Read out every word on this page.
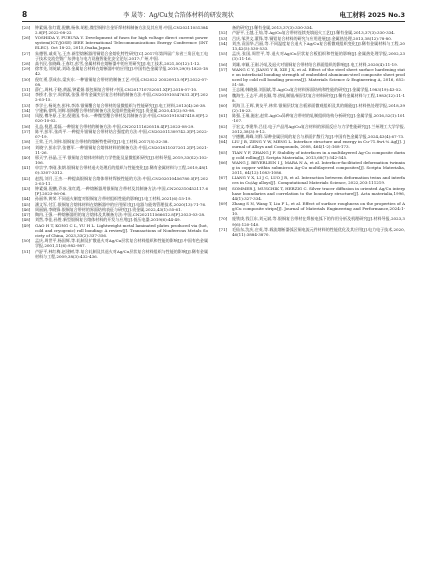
8	李 晟等：Ag/Cu复合箔体材料的研发现状	电工材料 2025 No.3
[25]	钟素娟,张红霞,倪鹏,杨伟,胡松,微型铜锌合金钎焊材料制备方法及其应用:中国,CN202110513842.8[P].2022-08-22
[26]	YOSHIDA Y, FURUYA Y. Development of fuses for high voltage direct current power system(ICT/JOSE) IEEE International Telecommunications Energy Conference (INTELEC). Oct 18-22, 2015,Osaka,Japan.
[27]	朱德智,戚英飞,王杰.新型熔断器用铜铝合金熔化特性研究[C].2017年第四届广东省三角区电工电子技术交流会暨广东供电与电力设施智能化安全论坛.2017:广州,中国.
[28]	高书民,张晓峰,王春红,彭雪,金属材料在熔断器中的应用研究[J].电工技术,2021,50(12):1-12.
[29]	徐孝先,刘英斌,刘琦.金属复合材料在熔断器中的应用[J].中国有色金属学报,2019,29(9):1825-1842.
[30]	倪红勇,蔡成东,梁庆东.一种银铜复合带材的制备工艺:中国,CN2022 20520913.9[P].2022-07-08.
[31]	薛仁,周林,于晓,黄磊,钟素娟.银包铜复合带材:中国,CN201710752051.X[P].2018-07-10.
[32]	李桥才,张宁,周荣斌,张强.带有金属夹层复合材料的制备方法:中国,CN201910547631.3[P].2022-03-15.
[33]	李学士,杨英杰,彭伟,李涛.银铜覆合复合带材的显微组织与性能研究[J].电工材料,2013(4):26-38.
[34]	宁建新,徐鸣,刘辉.银铜覆合带材的制备方法及组织性能研究[J].贵金属,2020,41(2):93-98.
[35]	凤锐,傅冬原,王宏,倪建国,韦永.一种微型覆合带材及其制备方法:中国,CN201910347418.0[P].2020-10-02.
[36]	孔益,倪恩,姜磊.一种银复合带材的制备方法:中国,CN202111620518.4[P].2023-08-29.
[37]	陈平,彭军,张尚平.一种提升银铜复合带材结合强度的方法:中国,CN202011309742.3[P].2022-07-19.
[38]	王荣,王兴,刘伟.银铜复合带材的熔断特性研究[J].电工材料,2017(5):32-38.
[39]	刘晓宁,彭东学,张德军.一种银铜复合熔体材料的制备方法:中国,CN201811037201.2[P].2021-11-26.
[40]	邢天宇,孙晶,王平.银铜复合熔体材料的力学性能及显微组织研究[J].材料导报,2019,33(S2):102-106.
[41]	申宗宇,李刚,张朗.银铜复合带材退火处理后的组织与性能变化[J].稀有金属材料与工程,2019,48(10):3307-3312.
[42]	赵凯,刘月,王杰.一种提高银铜复合熔体带材焊接性能的方法:中国,CN202010456780.5[P].2022-03-11.
[43]	钟素娟,倪鹏,乔冰,张红霞,一种熔断器用银铜复合带材及其制备方法:中国,CN202310452117.6[P].2023-06-06.
[44]	孙丽华,黄荣.不同退火制度对银铜复合带材组织性能的影响[J].电工材料,2021(6):15-19.
[45]	潘文军,付江.银铜复合熔体材料在熔断器中的应用探讨[J].电器与能效管理技术,2020(13):71-76.
[46]	周丽娟,李晓锋.银铜复合带材的界面结构表征与研究[J].贵金属,2022,43(1):55-61.
[47]	陶冉,王强.一种熔断器用的复合熔体及其制备方法:中国,CN202111566612.8[P].2023-03-28.
[48]	刘然,李佳,孙胜.新型银铜复合熔体材料的开发与应用[J].低压电器,2019(6):44-49.
[49]	GAO H T, KONG C L, YU H L. Lightweight metal laminated plates produced via (hot, cold and cryogenic) roll bonding: A review[J]. Transactions of Nonferrous Metals Society of China, 2023,33(2):337-356.
[50]	孟庆,周世平,杨国辉,等.轧制及扩散退火对Ag/Cu层状复合材料组织和性能的影响[J].中国有色金属学报,2001,11(6):982-987.
[51]	卢舒平,林红梅,赵建树,等.复合轧制及其退火对Ag/Cu层状复合材料组织与性能的影响[J].稀有金属材料与工程,2009,38(3):432-436.
备的研究[J].稀有金属,2013,37(3):330-334.
[52]	卢舒平,王越,王灿,等.Ag/Cu复合带材连续充填退火工艺[J].稀有金属,2013,37(3):330-334.
[53]	吕庆,邹洪文,董锋,等.铜铝复合材料的研究与应用进展[J].金属热处理,2013,38(12):78-80.
[54]	刘杰,袁国华,吕丽,等.不同温度复合退火下Ag/Cu复合板微观组织变化[J].稀有金属材料与工程,2013,42(5):530-533.
[55]	孟庆,张国,周世平,等.退火对Ag/Cu层状复合板组织和性能的影响[J].金属热处理学报,2002,23(3):11-16.
[56]	刘雄,申颖,王刚.冷轧及退火对银铜复合带材结合界面组织的影响[J].电工材料,2020(4):11-19.
[57]	WANG C Y, JIANG Y B, XIE J X, et al. Effect of the steel sheet surface hardening state on interfacial bonding strength of embedded aluminum-steel composite sheet produced by cold roll bonding process[J]. Materials Science & Engineering A, 2016, 652: 51-58.
[58]	王志刚,韩晓娟,刘国斌,等.Ag/Cu复合材料界面结构和性能的研究[J].金属学报,1983(19):43-52.
[59]	魏海生,王志平,胡长顺,等.热轧制银/铜层状复合材料研究[J].稀有金属材料与工程,1983(12):11-18.
[60]	刘海卫,王晖,黄友平,林荣.银铜层状复合板界面微观组织及其的细能[J].材料热处理学报,2018,39(2):18-23.
[61]	陈强,王瑞,施宏,赵荣.Ag/Cu异种复合带材的轧制组织结构分析研究[J].金属学报,2016,52(1):101-107.
[62]	于宏文,李建华,吕佳.电子产品用Ag/Cu复合材料的界面反应与力学性能研究[J].兰州理工大学学报,2012,38(3):9-12.
[63]	宁德鹏,周峰,刘科.异种金属层间的复合与界面扩散行为[J].中国有色金属学报,2024,43(4):67-73.
[64]	LIU J B, ZENG Y W, MENG L. Interface structure and energy in Cu-71.8wt.% Ag[J]. Journal of Alloys and Compounds, 2008, 464(1-2):168-173.
[65]	TIAN Y F, ZHANG J F. Stability of interfaces in a multilayered Ag-Cu composite during cold rolling[J]. Scripta Materialia, 2013,68(7):542-545.
[66]	WANG J, BEYERLEIN I J, MARA N A, et al. Interface-facilitated deformation twinning in copper within submicron Ag-Cu multilayered composites[J]. Scripta Materialia, 2011, 64(12):1083-1086.
[67]	LIANG Y X, LI J C, LUO J R, et al. Interaction between deformation twins and interfaces in Cu/Ag alloys[J]. Computational Materials Science, 2022,203:111219.
[68]	SOMMER J, MUSCHIK T, HERZIG C. Silver tracer diffusion in oriented Ag/Cu interphase boundaries and correlation to the boundary structure[J]. Acta materialia,1996,44(1):327-334.
[69]	Zhang S N, Wang T, Liu F L, et al. Effect of surface roughness on the properties of Ag/Cu composite strips[J]. Journal of Materials Engineering and Performance,2024:1-10.
[70]	庞铁庚,钱江东,刘元斌,等.银铜复合带材在焊接电弧下的作用分析及机理研究[J].材料导报,2023,39(6):120-140.
[71]	毛仙东,沈庆,庄英,等.载流熔断器弧区铜电流元件材料的性能优化及其应用[J].电力电子技术,2020,46(11):3884-3870.
